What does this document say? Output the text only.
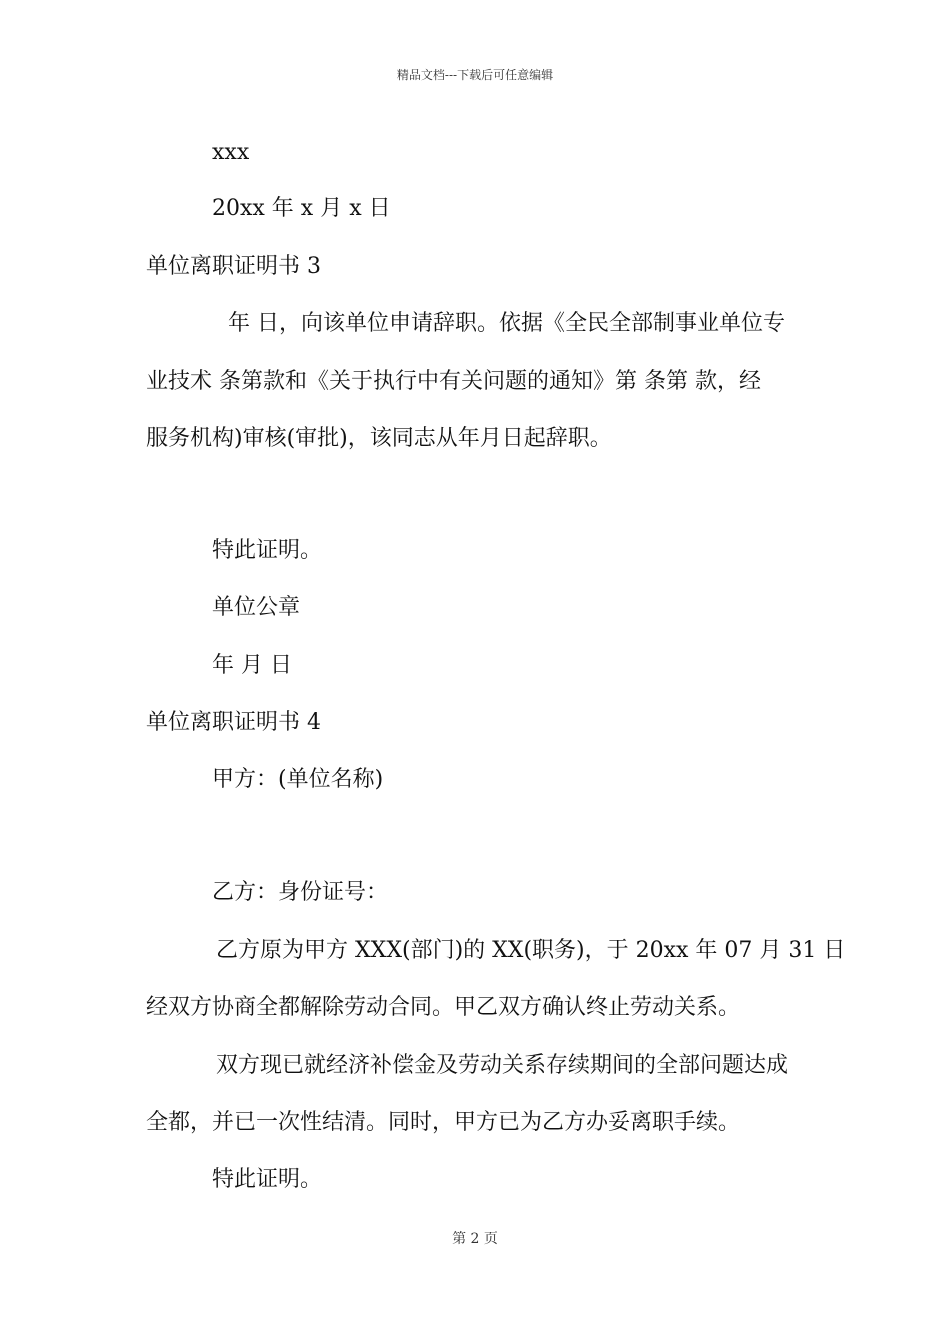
精品文档---下载后可任意编辑
xxx
20xx 年 x 月 x 日
单位离职证明书 3
年 日，向该单位申请辞职。依据《全民全部制事业单位专
业技术 条第款和《关于执行中有关问题的通知》第 条第 款，经
服务机构)审核(审批)，该同志从年月日起辞职。
特此证明。
单位公章
年 月 日
单位离职证明书 4
甲方：(单位名称)
乙方：身份证号：
乙方原为甲方 XXX(部门)的 XX(职务)，于 20xx 年 07 月 31 日
经双方协商全都解除劳动合同。甲乙双方确认终止劳动关系。
双方现已就经济补偿金及劳动关系存续期间的全部问题达成
全都，并已一次性结清。同时，甲方已为乙方办妥离职手续。
特此证明。
第 2 页
